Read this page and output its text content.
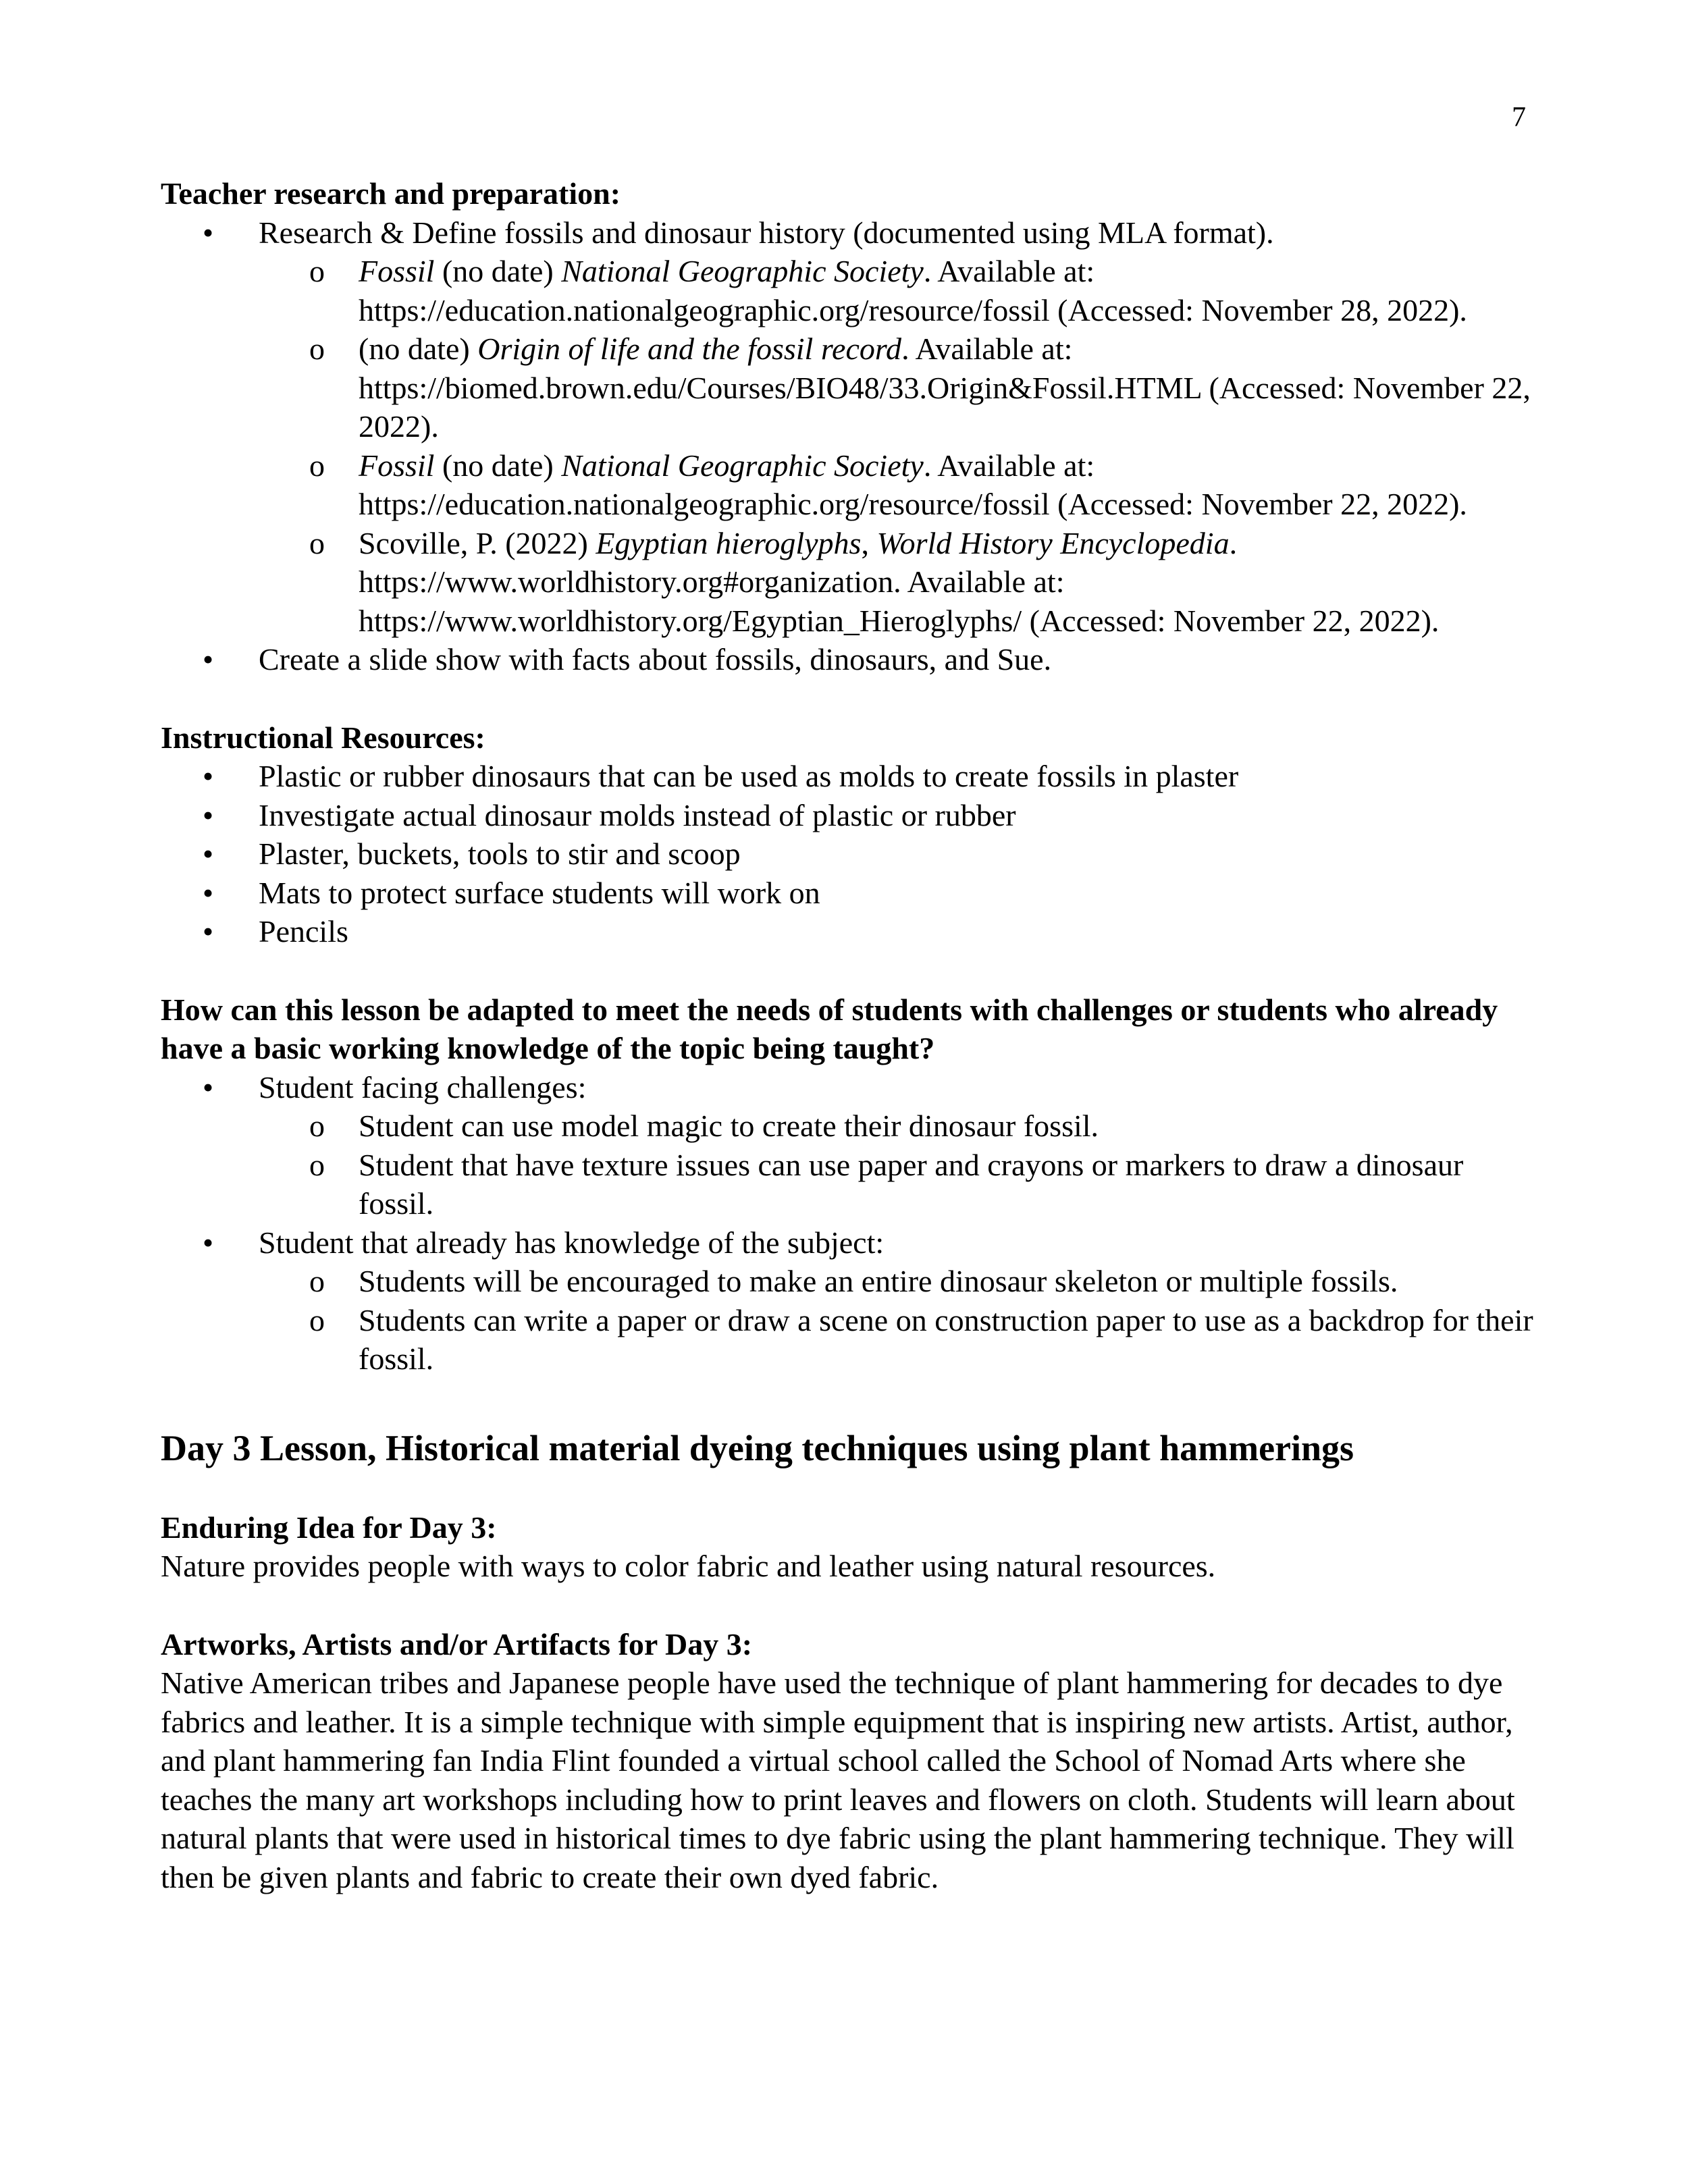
7

Teacher research and preparation:

• Research & Define fossils and dinosaur history (documented using MLA format).
o Fossil (no date) National Geographic Society. Available at: https://education.nationalgeographic.org/resource/fossil (Accessed: November 28, 2022).
o (no date) Origin of life and the fossil record. Available at: https://biomed.brown.edu/Courses/BIO48/33.Origin&Fossil.HTML (Accessed: November 22, 2022).
o Fossil (no date) National Geographic Society. Available at: https://education.nationalgeographic.org/resource/fossil (Accessed: November 22, 2022).
o Scoville, P. (2022) Egyptian hieroglyphs, World History Encyclopedia. https://www.worldhistory.org#organization. Available at: https://www.worldhistory.org/Egyptian_Hieroglyphs/ (Accessed: November 22, 2022).
• Create a slide show with facts about fossils, dinosaurs, and Sue.

Instructional Resources:

• Plastic or rubber dinosaurs that can be used as molds to create fossils in plaster
• Investigate actual dinosaur molds instead of plastic or rubber
• Plaster, buckets, tools to stir and scoop
• Mats to protect surface students will work on
• Pencils

How can this lesson be adapted to meet the needs of students with challenges or students who already have a basic working knowledge of the topic being taught?

• Student facing challenges:
o Student can use model magic to create their dinosaur fossil.
o Student that have texture issues can use paper and crayons or markers to draw a dinosaur fossil.
• Student that already has knowledge of the subject:
o Students will be encouraged to make an entire dinosaur skeleton or multiple fossils.
o Students can write a paper or draw a scene on construction paper to use as a backdrop for their fossil.

Day 3 Lesson, Historical material dyeing techniques using plant hammerings

Enduring Idea for Day 3:

Nature provides people with ways to color fabric and leather using natural resources.

Artworks, Artists and/or Artifacts for Day 3:

Native American tribes and Japanese people have used the technique of plant hammering for decades to dye fabrics and leather. It is a simple technique with simple equipment that is inspiring new artists. Artist, author, and plant hammering fan India Flint founded a virtual school called the School of Nomad Arts where she teaches the many art workshops including how to print leaves and flowers on cloth. Students will learn about natural plants that were used in historical times to dye fabric using the plant hammering technique. They will then be given plants and fabric to create their own dyed fabric.
